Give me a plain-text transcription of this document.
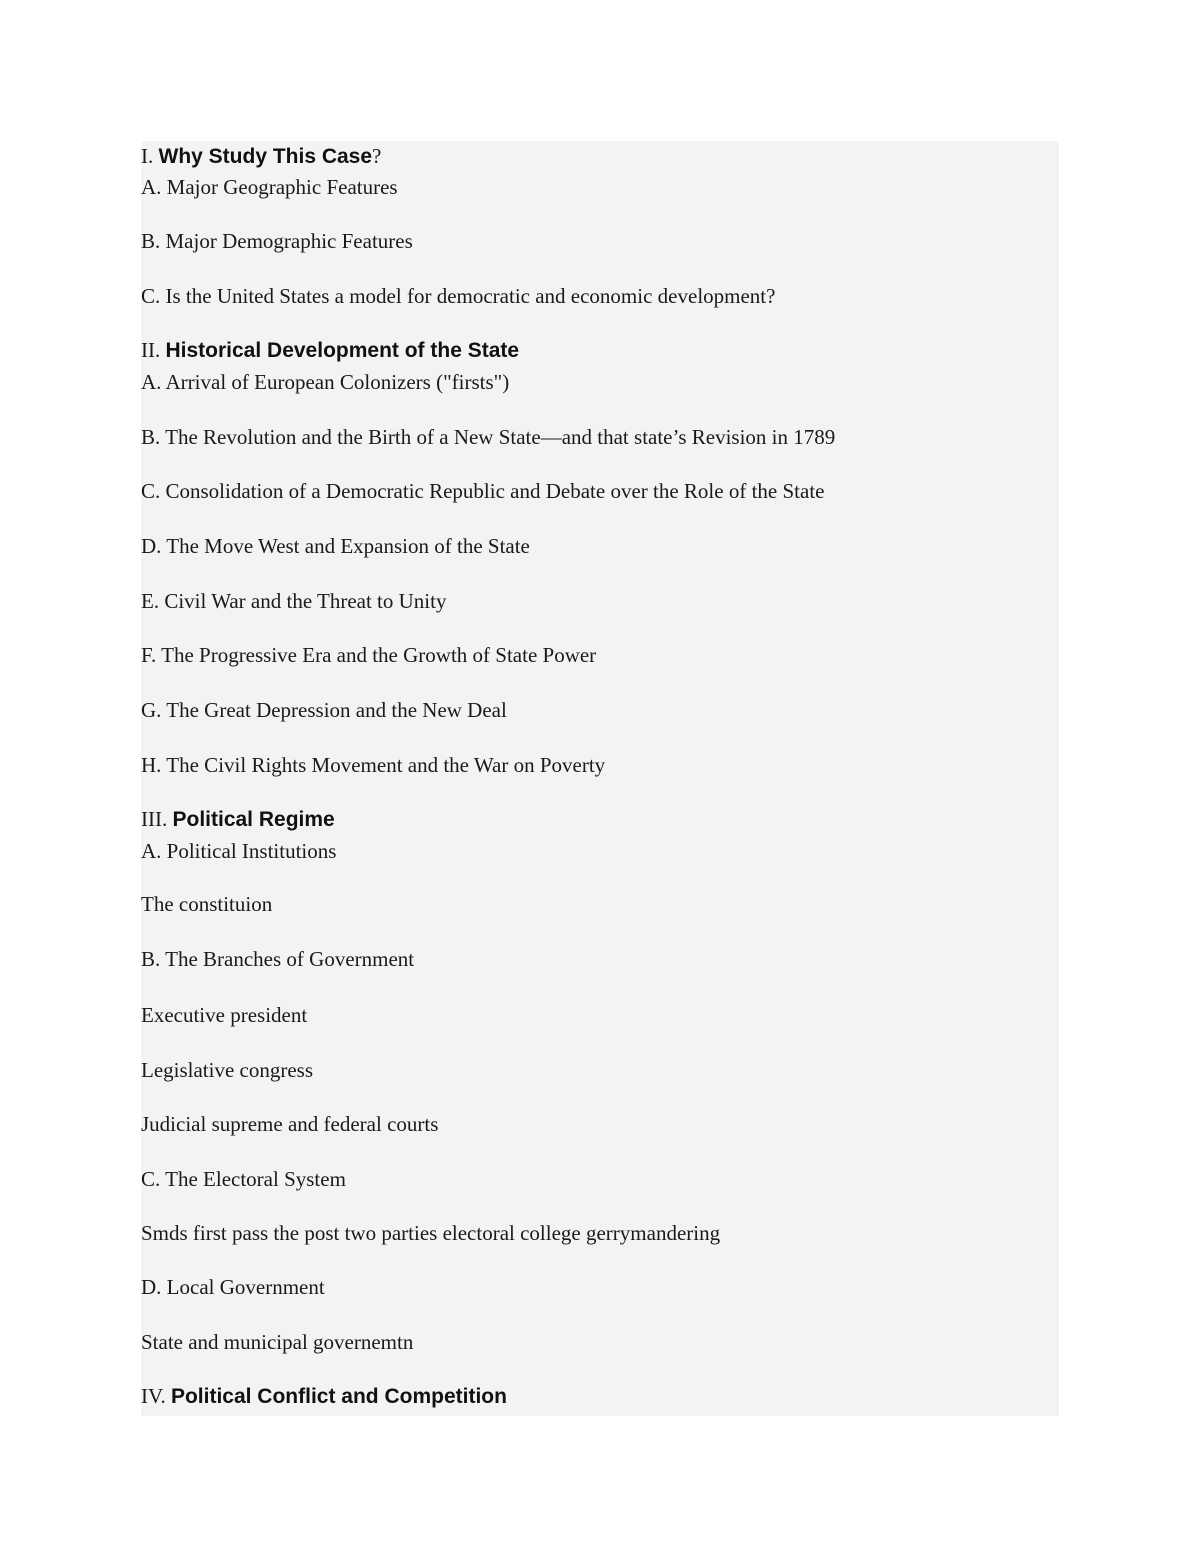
I. Why Study This Case?
A. Major Geographic Features
B. Major Demographic Features
C. Is the United States a model for democratic and economic development?
II. Historical Development of the State
A. Arrival of European Colonizers ("firsts")
B. The Revolution and the Birth of a New State—and that state’s Revision in 1789
C. Consolidation of a Democratic Republic and Debate over the Role of the State
D. The Move West and Expansion of the State
E. Civil War and the Threat to Unity
F. The Progressive Era and the Growth of State Power
G. The Great Depression and the New Deal
H. The Civil Rights Movement and the War on Poverty
III. Political Regime
A. Political Institutions
The constituion
B. The Branches of Government
Executive president
Legislative congress
Judicial supreme and federal courts
C. The Electoral System
Smds first pass the post two parties electoral college gerrymandering
D. Local Government
State and municipal governemtn
IV. Political Conflict and Competition
